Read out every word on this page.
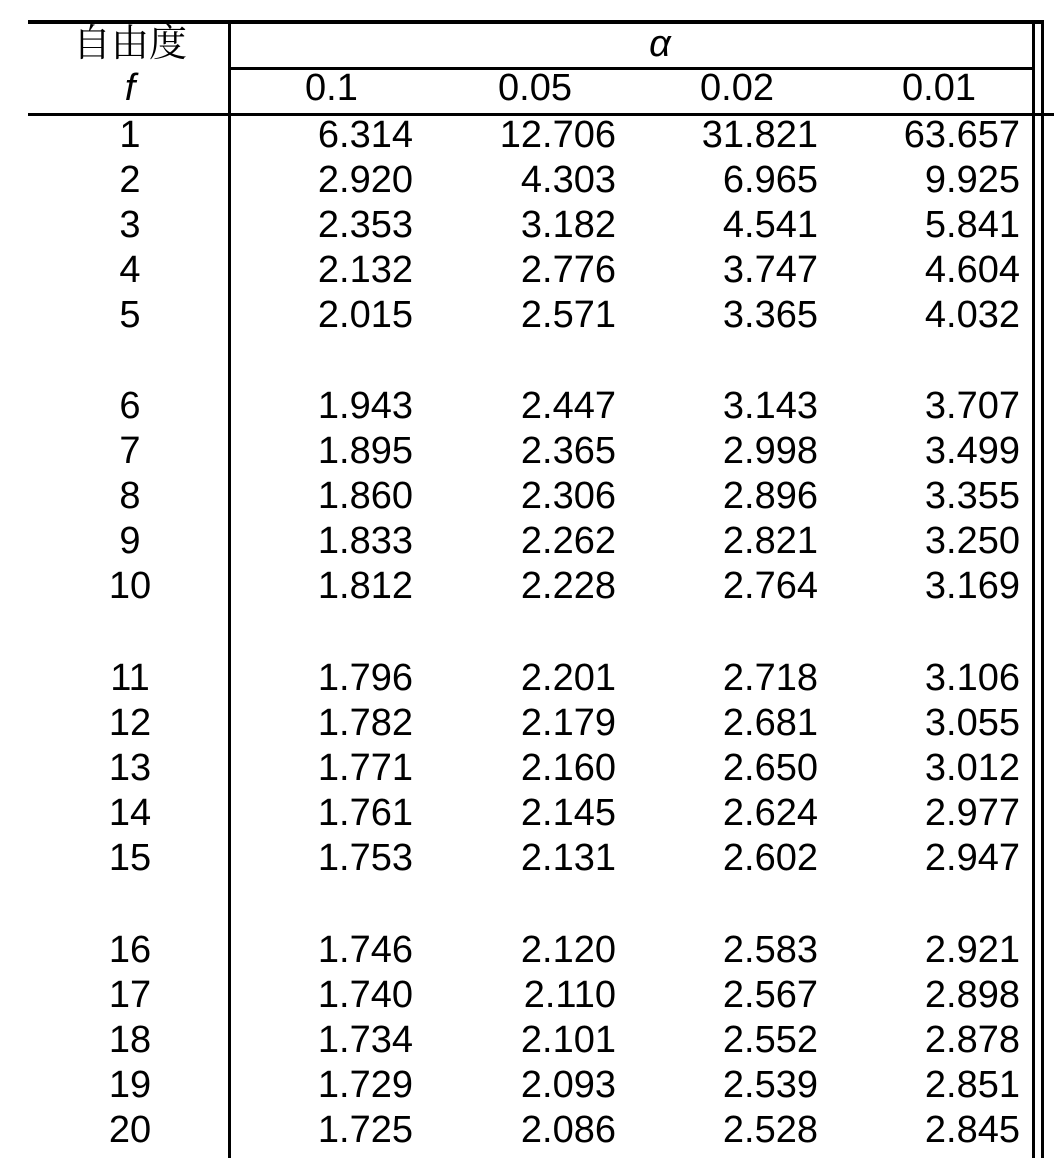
自由度
f
α
0.1	0.05	0.02	0.01
1	6.314	12.706	31.821	63.657
2	2.920	4.303	6.965	9.925
3	2.353	3.182	4.541	5.841
4	2.132	2.776	3.747	4.604
5	2.015	2.571	3.365	4.032
6	1.943	2.447	3.143	3.707
7	1.895	2.365	2.998	3.499
8	1.860	2.306	2.896	3.355
9	1.833	2.262	2.821	3.250
10	1.812	2.228	2.764	3.169
11	1.796	2.201	2.718	3.106
12	1.782	2.179	2.681	3.055
13	1.771	2.160	2.650	3.012
14	1.761	2.145	2.624	2.977
15	1.753	2.131	2.602	2.947
16	1.746	2.120	2.583	2.921
17	1.740	2.110	2.567	2.898
18	1.734	2.101	2.552	2.878
19	1.729	2.093	2.539	2.851
20	1.725	2.086	2.528	2.845
